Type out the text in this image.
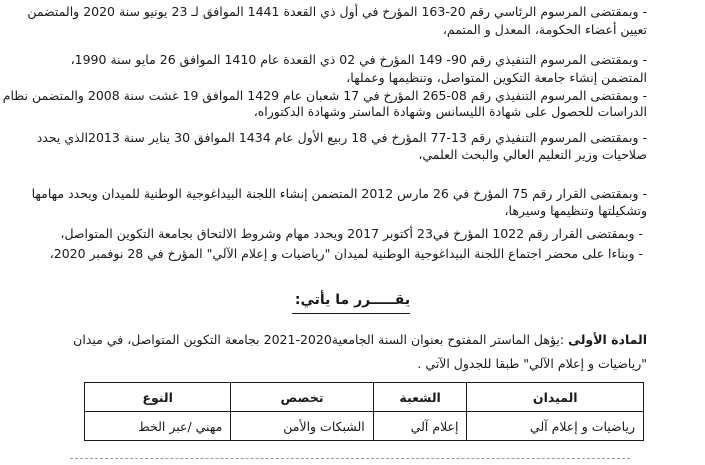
- وبمقتضى المرسوم الرئاسي رقم 20-163 المؤرخ في أول ذي القعدة 1441 الموافق لـ 23 يونيو سنة 2020 والمتضمن
تعيين أعضاء الحكومة، المعدل و المتمم،
- وبمقتضى المرسوم التنفيذي رقم 90- 149 المؤرخ في 02 ذي القعدة عام 1410 الموافق 26 مايو سنة 1990،
المتضمن إنشاء جامعة التكوين المتواصل، وتنظيمها وعملها،
- وبمقتضى المرسوم التنفيذي رقم 08-265 المؤرخ في 17 شعبان عام 1429 الموافق 19 غشت سنة 2008 والمتضمن نظام
الدراسات للحصول على شهادة الليسانس وشهادة الماستر وشهادة الدكتوراه،
- وبمقتضى المرسوم التنفيذي رقم 13-77 المؤرخ في 18 ربيع الأول عام 1434 الموافق 30 يناير سنة 2013الذي يحدد
صلاحيات وزير التعليم العالي والبحث العلمي،
- وبمقتضى القرار رقم 75 المؤرخ في 26 مارس 2012 المتضمن إنشاء اللجنة البيداغوجية الوطنية للميدان ويحدد مهامها
وتشكيلتها وتنظيمها وسيرها،
- وبمقتضى القرار رقم 1022 المؤرخ في23 أكتوبر 2017 ويحدد مهام وشروط الالتحاق بجامعة التكوين المتواصل،
- وبناءا على محضر اجتماع اللجنة البيداغوجية الوطنية لميدان "رياضيات و إعلام الآلي" المؤرخ في 28 نوفمبر 2020،
يقـــــرر ما يأتي:
المادة الأولى :يؤهل الماستر المفتوح بعنوان السنة الجامعية2020-2021 بجامعة التكوين المتواصل، في ميدان
"رياضيات و إعلام الآلي" طبقا للجدول الآتي .
الميدان	الشعبة	تخصص	النوع
رياضيات و إعلام آلي	إعلام آلي	الشبكات والأمن	مهني /عبر الخط
